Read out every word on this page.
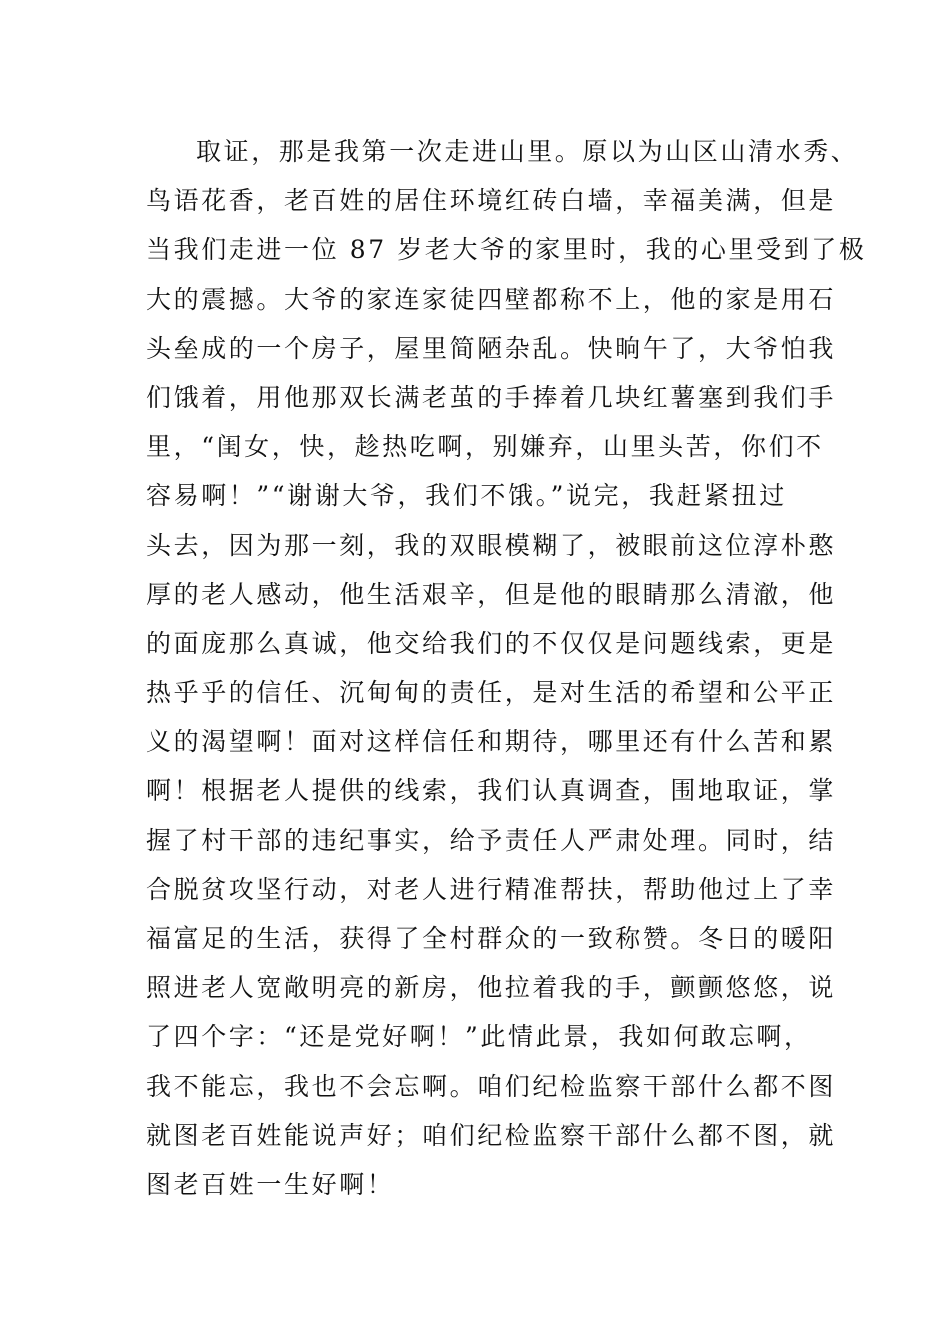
取证，那是我第一次走进山里。原以为山区山清水秀、
鸟语花香，老百姓的居住环境红砖白墙，幸福美满，但是
当我们走进一位 87 岁老大爷的家里时，我的心里受到了极
大的震撼。大爷的家连家徒四壁都称不上，他的家是用石
头垒成的一个房子，屋里简陋杂乱。快晌午了，大爷怕我
们饿着，用他那双长满老茧的手捧着几块红薯塞到我们手
里，“闺女，快，趁热吃啊，别嫌弃，山里头苦，你们不
容易啊！”“谢谢大爷，我们不饿。”说完，我赶紧扭过
头去，因为那一刻，我的双眼模糊了，被眼前这位淳朴憨
厚的老人感动，他生活艰辛，但是他的眼睛那么清澈，他
的面庞那么真诚，他交给我们的不仅仅是问题线索，更是
热乎乎的信任、沉甸甸的责任，是对生活的希望和公平正
义的渴望啊！面对这样信任和期待，哪里还有什么苦和累
啊！根据老人提供的线索，我们认真调查，围地取证，掌
握了村干部的违纪事实，给予责任人严肃处理。同时，结
合脱贫攻坚行动，对老人进行精准帮扶，帮助他过上了幸
福富足的生活，获得了全村群众的一致称赞。冬日的暖阳
照进老人宽敞明亮的新房，他拉着我的手，颤颤悠悠，说
了四个字：“还是党好啊！”此情此景，我如何敢忘啊，
我不能忘，我也不会忘啊。咱们纪检监察干部什么都不图
就图老百姓能说声好；咱们纪检监察干部什么都不图，就
图老百姓一生好啊！
